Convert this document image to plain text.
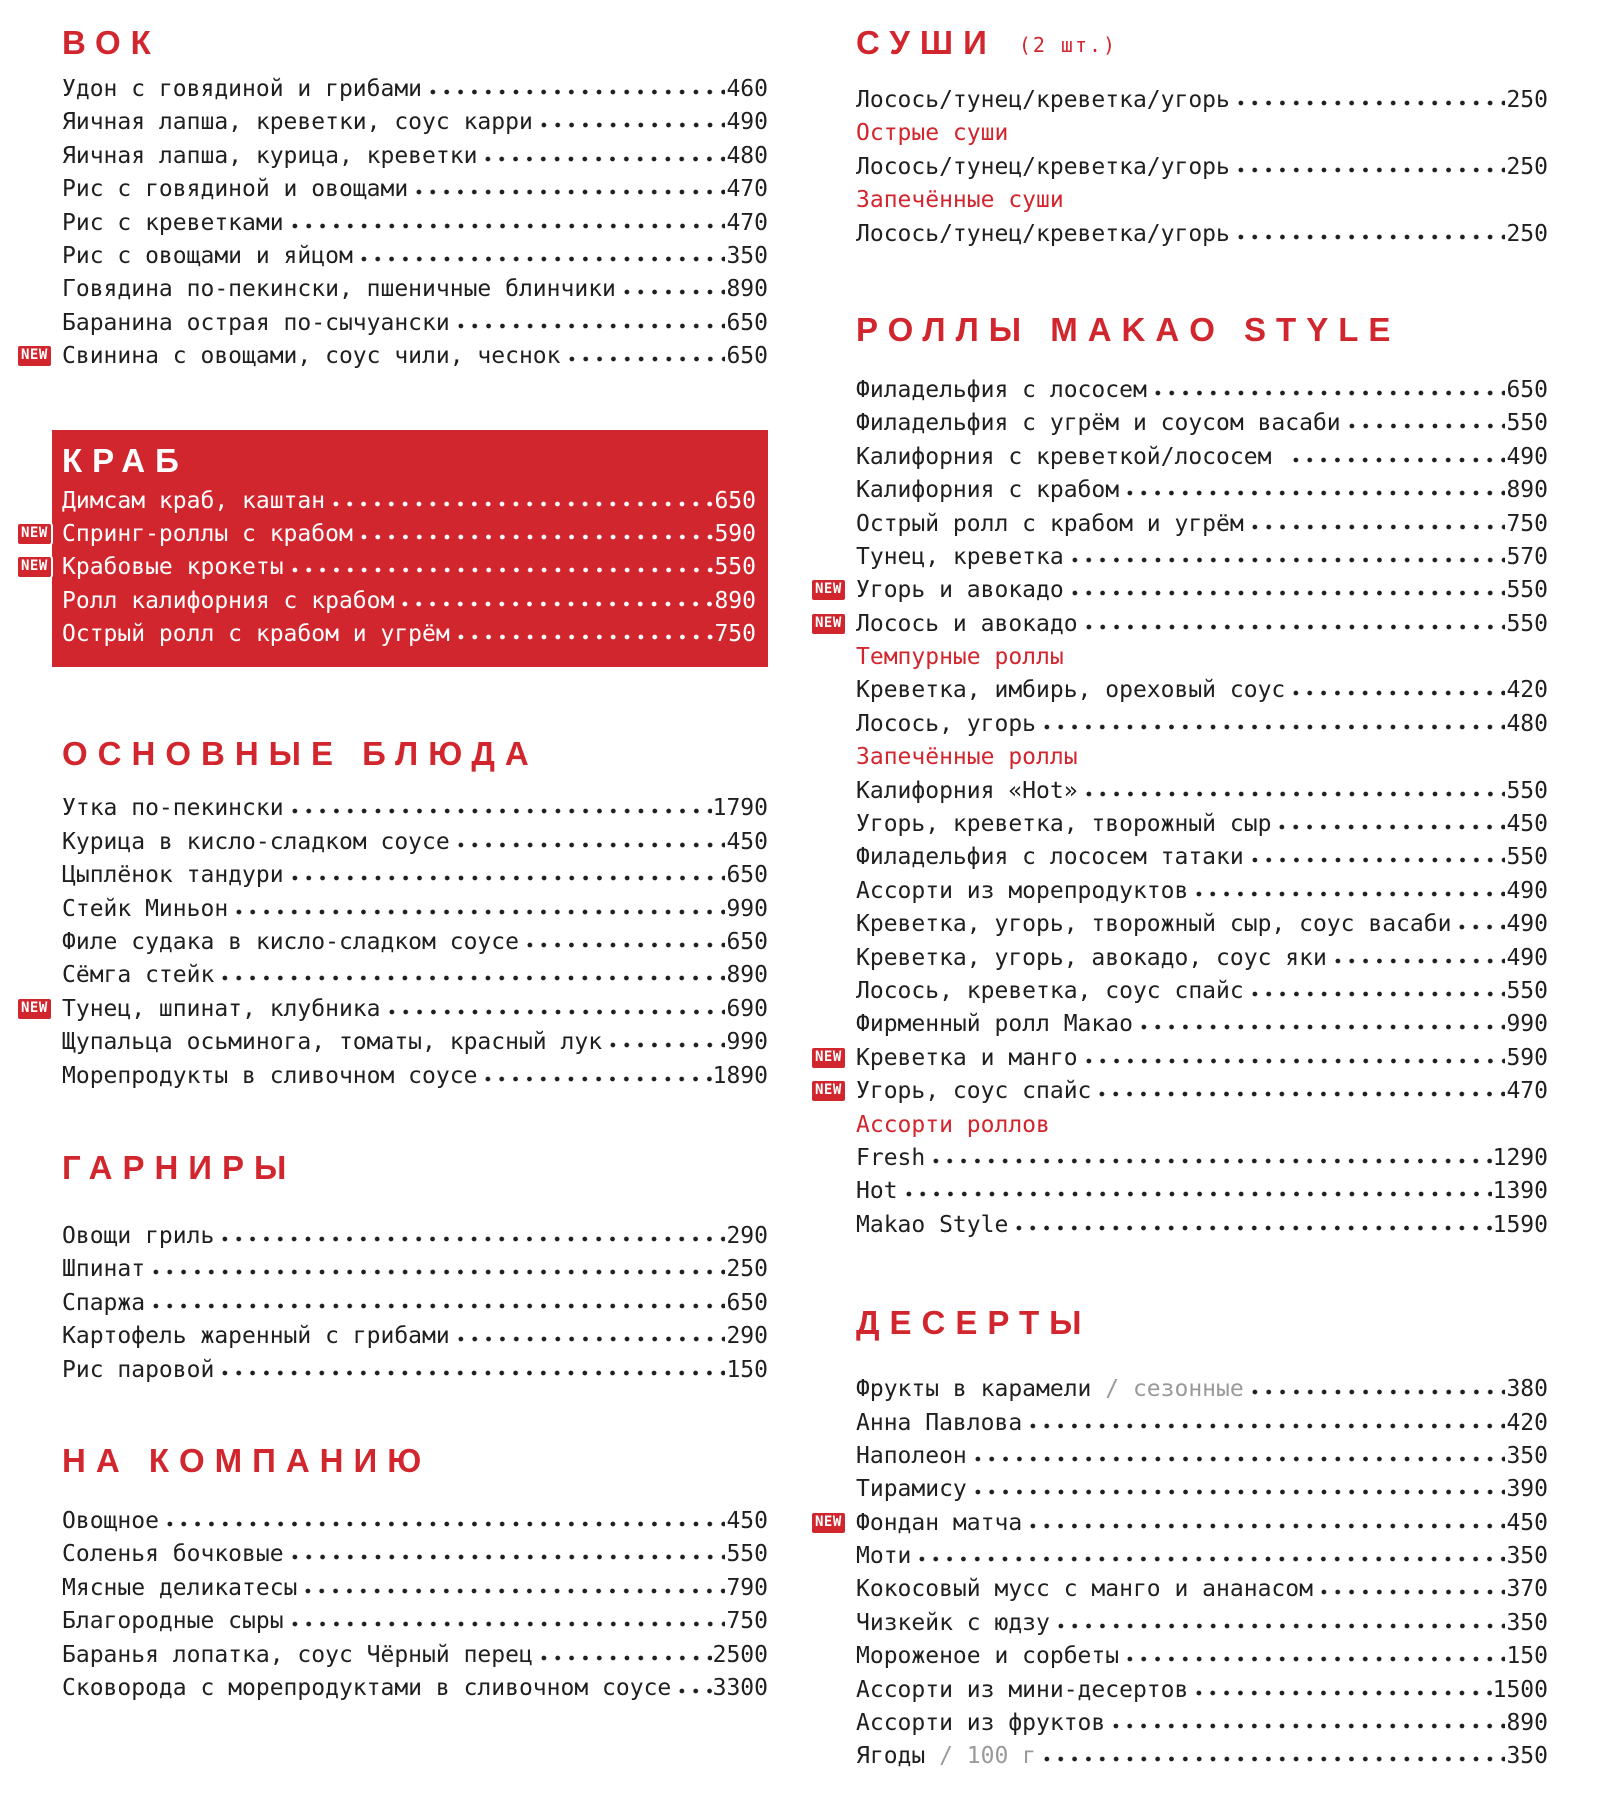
ВОК
Удон с говядиной и грибами	460
Яичная лапша, креветки, соус карри	490
Яичная лапша, курица, креветки	480
Рис с говядиной и овощами	470
Рис с креветками	470
Рис с овощами и яйцом	350
Говядина по-пекински, пшеничные блинчики	890
Баранина острая по-сычуански	650
NEW Свинина с овощами, соус чили, чеснок	650
КРАБ
Димсам краб, каштан	650
NEW Спринг-роллы с крабом	590
NEW Крабовые крокеты	550
Ролл калифорния с крабом	890
Острый ролл с крабом и угрём	750
ОСНОВНЫЕ БЛЮДА
Утка по-пекински	1790
Курица в кисло-сладком соусе	450
Цыплёнок тандури	650
Стейк Миньон	990
Филе судака в кисло-сладком соусе	650
Сёмга стейк	890
NEW Тунец, шпинат, клубника	690
Щупальца осьминога, томаты, красный лук	990
Морепродукты в сливочном соусе	1890
ГАРНИРЫ
Овощи гриль	290
Шпинат	250
Спаржа	650
Картофель жаренный с грибами	290
Рис паровой	150
НА КОМПАНИЮ
Овощное	450
Соленья бочковые	550
Мясные деликатесы	790
Благородные сыры	750
Баранья лопатка, соус Чёрный перец	2500
Сковорода с морепродуктами в сливочном соусе 3300
СУШИ (2 шт.)
Лосось/тунец/креветка/угорь	250
Острые суши
Лосось/тунец/креветка/угорь	250
Запечённые суши
Лосось/тунец/креветка/угорь	250
РОЛЛЫ MAKAO STYLE
Филадельфия с лососем	650
Филадельфия с угрём и соусом васаби	550
Калифорния с креветкой/лососем	490
Калифорния с крабом	890
Острый ролл с крабом и угрём	750
Тунец, креветка	570
NEW Угорь и авокадо	550
NEW Лосось и авокадо	550
Темпурные роллы
Креветка, имбирь, ореховый соус	420
Лосось, угорь	480
Запечённые роллы
Калифорния «Hot»	550
Угорь, креветка, творожный сыр	450
Филадельфия с лососем татаки	550
Ассорти из морепродуктов	490
Креветка, угорь, творожный сыр, соус васаби 490
Креветка, угорь, авокадо, соус яки	490
Лосось, креветка, соус спайс	550
Фирменный ролл Макао	990
NEW Креветка и манго	590
NEW Угорь, соус спайс	470
Ассорти роллов
Fresh	1290
Hot	1390
Makao Style	1590
ДЕСЕРТЫ
Фрукты в карамели / сезонные	380
Анна Павлова	420
Наполеон	350
Тирамису	390
NEW Фондан матча	450
Моти	350
Кокосовый мусс с манго и ананасом	370
Чизкейк с юдзу	350
Мороженое и сорбеты	150
Ассорти из мини-десертов	1500
Ассорти из фруктов	890
Ягоды / 100 г	350
